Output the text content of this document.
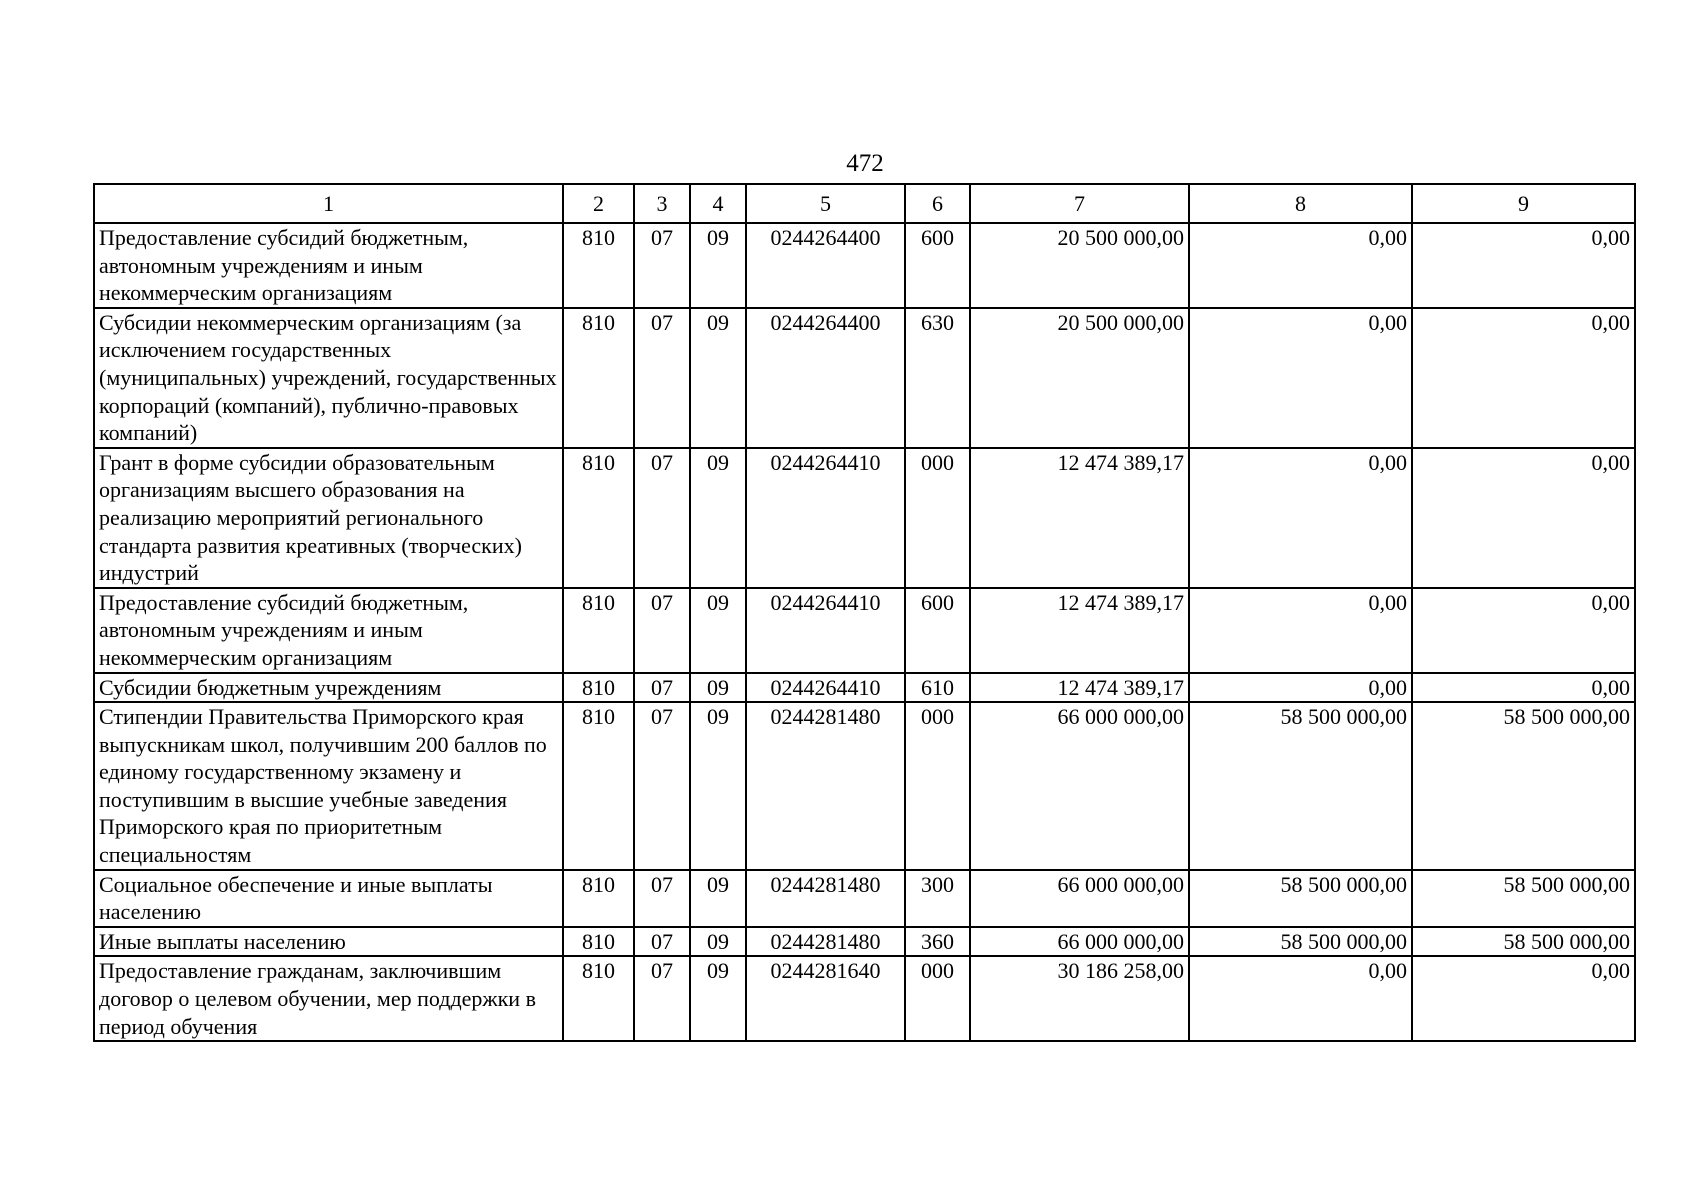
472
1	2	3	4	5	6	7	8	9
Предоставление субсидий бюджетным, автономным учреждениям и иным некоммерческим организациям	810	07	09	0244264400	600	20 500 000,00	0,00	0,00
Субсидии некоммерческим организациям (за исключением государственных (муниципальных) учреждений, государственных корпораций (компаний), публично-правовых компаний)	810	07	09	0244264400	630	20 500 000,00	0,00	0,00
Грант в форме субсидии образовательным организациям высшего образования на реализацию мероприятий регионального стандарта развития креативных (творческих) индустрий	810	07	09	0244264410	000	12 474 389,17	0,00	0,00
Предоставление субсидий бюджетным, автономным учреждениям и иным некоммерческим организациям	810	07	09	0244264410	600	12 474 389,17	0,00	0,00
Субсидии бюджетным учреждениям	810	07	09	0244264410	610	12 474 389,17	0,00	0,00
Стипендии Правительства Приморского края выпускникам школ, получившим 200 баллов по единому государственному экзамену и поступившим в высшие учебные заведения Приморского края по приоритетным специальностям	810	07	09	0244281480	000	66 000 000,00	58 500 000,00	58 500 000,00
Социальное обеспечение и иные выплаты населению	810	07	09	0244281480	300	66 000 000,00	58 500 000,00	58 500 000,00
Иные выплаты населению	810	07	09	0244281480	360	66 000 000,00	58 500 000,00	58 500 000,00
Предоставление гражданам, заключившим договор о целевом обучении, мер поддержки в период обучения	810	07	09	0244281640	000	30 186 258,00	0,00	0,00
